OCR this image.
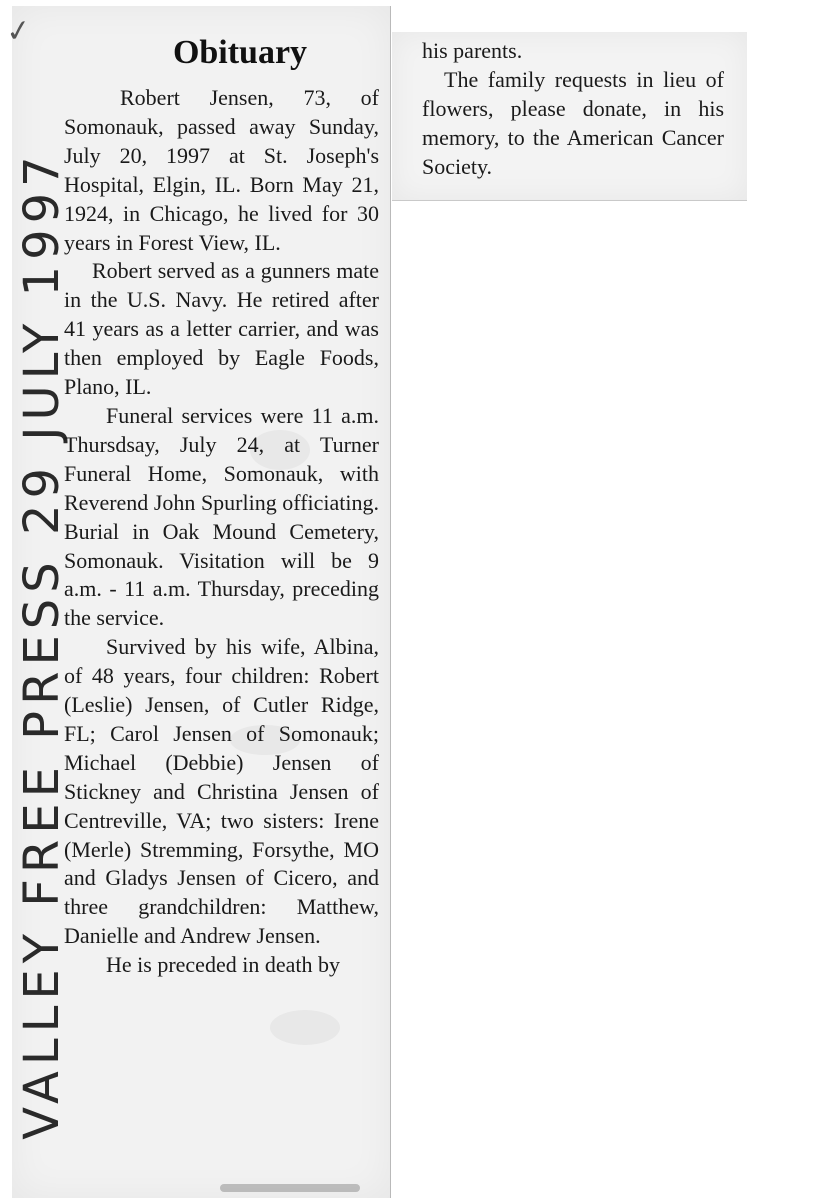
✓
VALLEY FREE PRESS 29 JULY 1997
Obituary

Robert Jensen, 73, of Somonauk, passed away Sunday, July 20, 1997 at St. Joseph's Hospital, Elgin, IL. Born May 21, 1924, in Chicago, he lived for 30 years in Forest View, IL.

Robert served as a gunners mate in the U.S. Navy. He retired after 41 years as a letter carrier, and was then employed by Eagle Foods, Plano, IL.

Funeral services were 11 a.m. Thursdsay, July 24, at Turner Funeral Home, Somonauk, with Reverend John Spurling officiating. Burial in Oak Mound Cemetery, Somonauk. Visitation will be 9 a.m. - 11 a.m. Thursday, preceding the service.

Survived by his wife, Albina, of 48 years, four children: Robert (Leslie) Jensen, of Cutler Ridge, FL; Carol Jensen of Somonauk; Michael (Debbie) Jensen of Stickney and Christina Jensen of Centreville, VA; two sisters: Irene (Merle) Stremming, Forsythe, MO and Gladys Jensen of Cicero, and three grandchildren: Matthew, Danielle and Andrew Jensen.

He is preceded in death by

his parents.

The family requests in lieu of flowers, please donate, in his memory, to the American Cancer Society.
